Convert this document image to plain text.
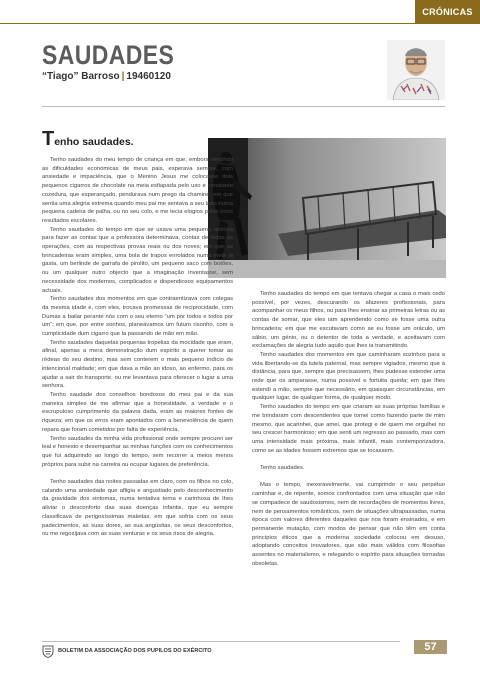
CRÓNICAS
SAUDADES
“Tiago” Barroso | 19460120
Tenho saudades.

Tenho saudades do meu tempo de criança em que, embora sentindo as dificuldades económicas de meus pais, esperava sempre, com ansiedade e impaciência, que o Menino Jesus me colocasse dois pequenos cigarros de chocolate na meia esfiapada pelo uso e constante cozedura, que esperançado, pendurava num prego da chaminé; em que sentia uma alegria extrema quando meu pai me sentava a seu lado numa pequena cadeira de palha, ou no seu colo, e me tecia elogios pelos bons resultados escolares.

Tenho saudades do tempo em que se usava uma pequena ardósia para fazer as contas que a professora determinava, contas de todas as operações, com as respectivas provas reais ou dos noves; em que as brincadeiras eram simples, uma bola de trapos enrolados numa meia já gasta, um berlinde de garrafa de pirolito, um pequeno saco com botões, ou um qualquer outro objecto que a imaginação inventasse, sem necessidade dos modernos, complicados e dispendiosos equipamentos actuais.

Tenho saudades dos momentos em que contraentizava com colegas da mesma idade e, com eles, trocava promessas de reciprocidade, com Dumas a bailar perante nós com o seu eterno “um por todos e todos por um”; em que, por entre sonhos, planeávamos um futuro risonho, com a cumplicidade dum cigarro que la passando de mão em mão.

Tenho saudades daquelas pequenas tropelias da mocidade que eram, afinal, apenas a mera demonstração dum espírito a querer tomar as rédeas do seu destino, mas sem conterem o mais pequeno indício de intencional maldade; em que dava a mão ao idoso, ao enfermo, para os ajudar a sair do transporte, ou me levantava para oferecer o lugar a uma senhora.

Tenho saudade dos conselhos bondosos do meu pai e da sua maneira simples de me afirmar que a honestidade, a verdade e o escrupuloso cumprimento da palavra dada, eram as maiores fontes de riqueza; em que os erros eram apontados com a benevolência de quem repara que foram cometidos por falta de experiência.

Tenho saudades da minha vida profissional onde sempre procurei ser leal e honesto e desempanhar as minhas funções com os conhecimentos que fui adquirindo ao longo do tempo, sem recorrer a meios menos próprios para subir na carreira ou ocupar lugares de preferência.

Tenho saudades das noites passadas em claro, com os filhos no colo, calando uma ansiedade que afligia e angustiado pelo desconhecimento da gravidade dos sintomas, numa tentativa terna e carinhosa de lhes aliviar o desconforto das suas doenças infantis, que eu sempre classificava de perigosíssimas maleitas; em que sofria com os seus padecimentos, as suas dores, as sua angústias, os seus desconfortos, ou me regozijava com as suas venturas e os seus risos de alegria.

Tenho saudades do tempo em que tentava chegar a casa o mais cedo possível, por vezes, descurando os afazeres profissionais, para acompanhar os meus filhos, ou para lhes ensinar as primeiras letras ou as contas de somar, que eles iam aprendendo como se fosse uma outra brincadeira; em que me escutavam como se eu fosse um oráculo, um sábio, um génio, ou o detentor de toda a verdade, e aceitavam com exclamações de alegria tudo aquilo que lhes ia transmitindo.

Tenho saudades dos momentos em que caminharam sozinhos para a vida libertando-se da tutela paternal, mas sempre vigiados, mesmo que à distância, para que, sempre que precisassem, lhes pudesse estender uma rede que os amparasse, numa possível e fortuita queda; em que lhes estendi a mão, sempre que necessário, em quaisquer circunstâncias, em qualquer lugar, de qualquer forma, de qualquer modo.

Tenho saudades do tempo em que criaram as suas próprias famílias e me brindaram com descendentes que tomei como fazendo parte de mim mesmo, que acarinhei, que amei, que protegi e de quem me orgulhei no seu crescer harmonioso; em que senti um regresso ao passado, mas com uma intensidade mais próxima, mais infantil, mais contemporizadora, como se as idades fossem extremos que se tocassem.

Tenho saudades.

Mas o tempo, inexoravelmente, vai cumprindo o seu perpétuo caminhar e, de repente, somos confrontados com uma situação que não se compadece de saudosismos, nem de recordações de momentos livres, nem de pensamentos românticos, nem de situações ultrapassadas, numa época com valores diferentes daqueles que nos foram ensinados, e em permanente mutação, com modos de pensar que não têm em conta princípios éticos que a moderna sociedade colocou em desuso, adoptando conceitos inovadores, que são mais válidos com filosofias assentes no materialismo, e relegando o espírito para situações tornadas obsoletas.

BOLETIM DA ASSOCIAÇÃO DOS PUPILOS DO EXÉRCITO	57
